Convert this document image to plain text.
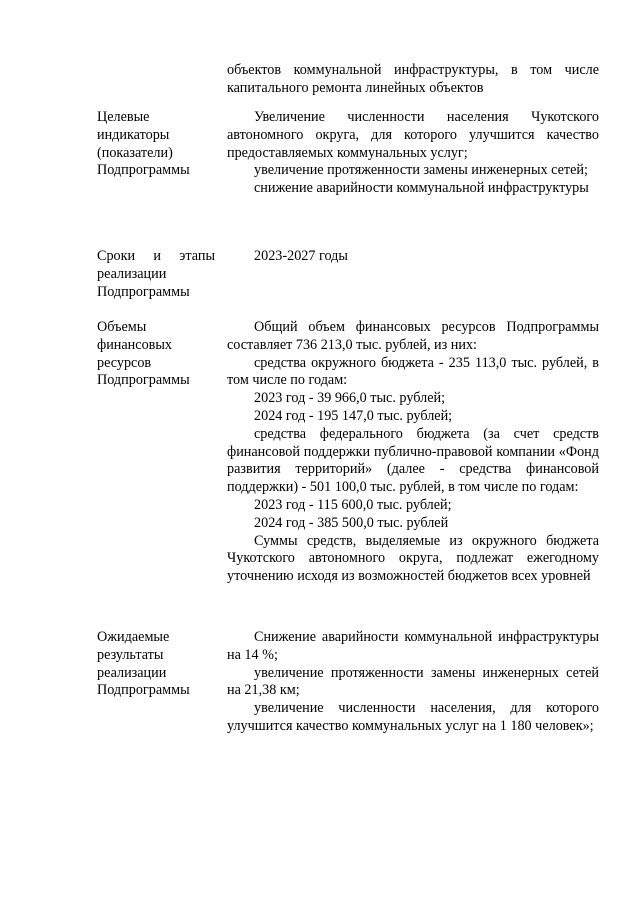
объектов коммунальной инфраструктуры, в том числе капитального ремонта линейных объектов

Целевые
индикаторы
(показатели)
Подпрограммы

Увеличение численности населения Чукотского автономного округа, для которого улучшится качество предоставляемых коммунальных услуг;

увеличение протяженности замены инженерных сетей;

снижение аварийности коммунальной инфраструктуры

Сроки и этапы
реализации
Подпрограммы

2023-2027 годы

Объемы
финансовых
ресурсов
Подпрограммы

Общий объем финансовых ресурсов Подпрограммы составляет 736 213,0 тыс. рублей, из них:

средства окружного бюджета - 235 113,0 тыс. рублей, в том числе по годам:

2023 год - 39 966,0 тыс. рублей;

2024 год - 195 147,0 тыс. рублей;

средства федерального бюджета (за счет средств финансовой поддержки публично-правовой компании «Фонд развития территорий» (далее - средства финансовой поддержки) - 501 100,0 тыс. рублей, в том числе по годам:

2023 год - 115 600,0 тыс. рублей;

2024 год - 385 500,0 тыс. рублей

Суммы средств, выделяемые из окружного бюджета Чукотского автономного округа, подлежат ежегодному уточнению исходя из возможностей бюджетов всех уровней

Ожидаемые
результаты
реализации
Подпрограммы

Снижение аварийности коммунальной инфраструктуры на 14 %;

увеличение протяженности замены инженерных сетей на 21,38 км;

увеличение численности населения, для которого улучшится качество коммунальных услуг на 1 180 человек»;
